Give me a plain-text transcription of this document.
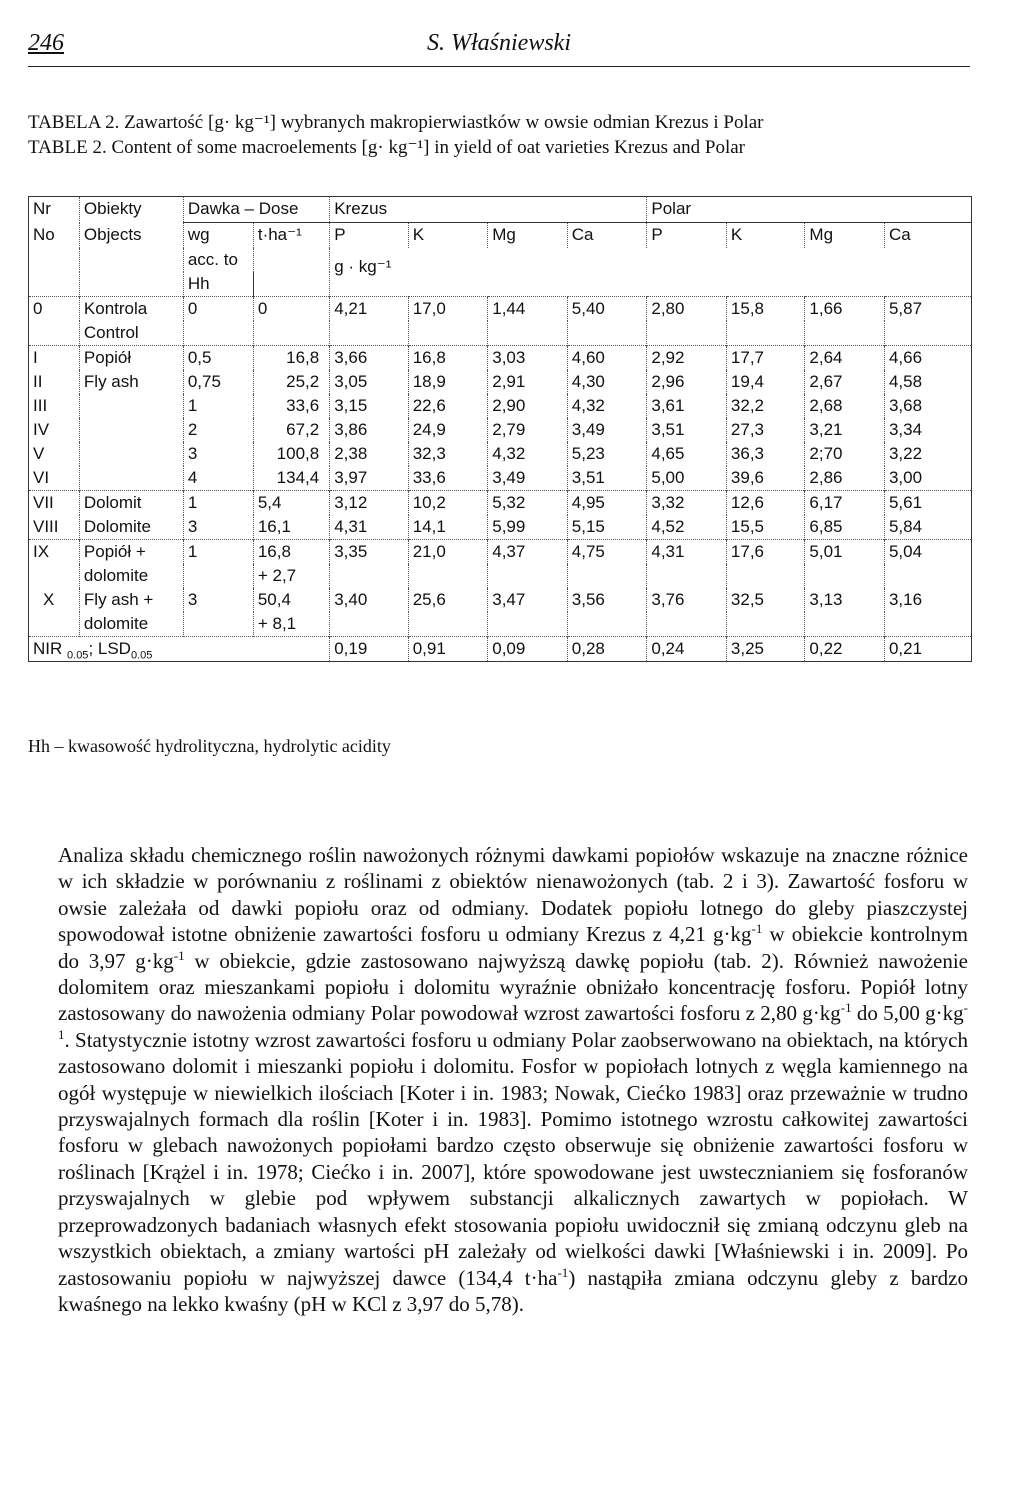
246	S. Właśniewski

TABELA 2. Zawartość [g· kg⁻¹] wybranych makropierwiastków w owsie odmian Krezus i Polar

TABLE 2. Content of some macroelements [g· kg⁻¹] in yield of oat varieties Krezus and Polar

Nr	Obiekty	Dawka – Dose		Krezus				Polar			
No	Objects	wg	t·ha⁻¹	P	K	Mg	Ca	P	K	Mg	Ca
		acc. to		g · kg⁻¹							
		Hh									
0	Kontrola	0	0	4,21	17,0	1,44	5,40	2,80	15,8	1,66	5,87
	Control										
I	Popiół	0,5	16,8	3,66	16,8	3,03	4,60	2,92	17,7	2,64	4,66
II	Fly ash	0,75	25,2	3,05	18,9	2,91	4,30	2,96	19,4	2,67	4,58
III		1	33,6	3,15	22,6	2,90	4,32	3,61	32,2	2,68	3,68
IV		2	67,2	3,86	24,9	2,79	3,49	3,51	27,3	3,21	3,34
V		3	100,8	2,38	32,3	4,32	5,23	4,65	36,3	2;70	3,22
VI		4	134,4	3,97	33,6	3,49	3,51	5,00	39,6	2,86	3,00
VII	Dolomit	1	5,4	3,12	10,2	5,32	4,95	3,32	12,6	6,17	5,61
VIII	Dolomite	3	16,1	4,31	14,1	5,99	5,15	4,52	15,5	6,85	5,84
IX	Popiół +	1	16,8	3,35	21,0	4,37	4,75	4,31	17,6	5,01	5,04
	dolomite		+ 2,7								
X	Fly ash +	3	50,4	3,40	25,6	3,47	3,56	3,76	32,5	3,13	3,16
	dolomite		+ 8,1								
NIR $_{0.05}$; $LSD_{0.05}$				0,19	0,91	0,09	0,28	0,24	3,25	0,22	0,21
Hh – kwasowość hydrolityczna, hydrolytic acidity

Analiza składu chemicznego roślin nawożonych różnymi dawkami popiołów wskazuje na znaczne różnice w ich składzie w porównaniu z roślinami z obiektów nienawożonych (tab. 2 i 3). Zawartość fosforu w owsie zależała od dawki popiołu oraz od odmiany. Dodatek popiołu lotnego do gleby piaszczystej spowodował istotne obniżenie zawartości fosforu u odmiany Krezus z 4,21 $g\cdot kg^{-1}$ w obiekcie kontrolnym do 3,97 $g\cdot kg^{-1}$ w obiekcie, gdzie zastosowano najwyższą dawkę popiołu (tab. 2). Również nawożenie dolomitem oraz mieszankami popiołu i dolomitu wyraźnie obniżało koncentrację fosforu. Popiół lotny zastosowany do nawożenia odmiany Polar powodował wzrost zawartości fosforu z 2,80 $g\cdot kg^{-1}$ do 5,00 $g\cdot kg^{-1}$. Statystycznie istotny wzrost zawartości fosforu u odmiany Polar zaobserwowano na obiektach, na których zastosowano dolomit i mieszanki popiołu i dolomitu. Fosfor w popiołach lotnych z węgla kamiennego na ogół występuje w niewielkich ilościach [Koter i in. 1983; Nowak, Ciećko 1983] oraz przeważnie w trudno przyswajalnych formach dla roślin [Koter i in. 1983]. Pomimo istotnego wzrostu całkowitej zawartości fosforu w glebach nawożonych popiołami bardzo często obserwuje się obniżenie zawartości fosforu w roślinach [Krążel i in. 1978; Ciećko i in. 2007], które spowodowane jest uwstecznianiem się fosforanów przyswajalnych w glebie pod wpływem substancji alkalicznych zawartych w popiołach. W przeprowadzonych badaniach własnych efekt stosowania popiołu uwidocznił się zmianą odczynu gleb na wszystkich obiektach, a zmiany wartości pH zależały od wielkości dawki [Właśniewski i in. 2009]. Po zastosowaniu popiołu w najwyższej dawce (134,4 $t\cdot ha^{-1}$) nastąpiła zmiana odczynu gleby z bardzo kwaśnego na lekko kwaśny (pH w KCl z 3,97 do 5,78).
